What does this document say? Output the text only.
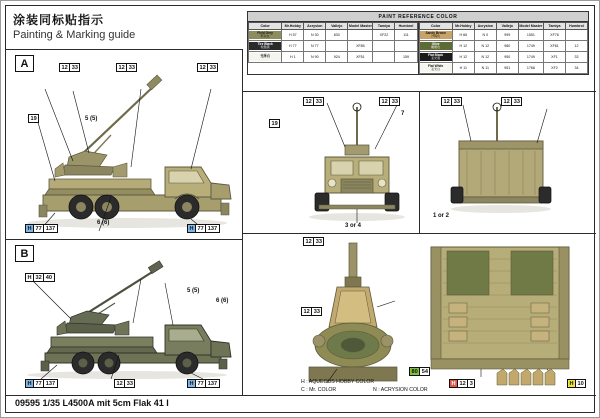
涂装同标贴指示
Painting & Marking guide
PAINT REFERENCE COLOR
Color	Mr.Hobby	Acrysion	Vallejo	Model Master	Tamiya	Humbrol

Field Grey
野战灰	H 57	N 30	830		XF22	111

Tire Black
轮胎黑	H 77	N 77		XF85		

光泽白	H 1	N 90	924	XF51		159
Color	Mr.Hobby	Acrysion	Vallejo	Model Master	Tamiya	Humbrol

Sandy Brown
沙褐色	H 66	N 0	999	1551	XF76	

Olive
橄榄色	H 12	N 12	980	1749	XF61	12

Flat Black
亚光黑	H 12	N 12	950	1749	XF1	33

Flat White
亚光白	H 11	N 11	951	1768	XF2	34
A
B
12 33	12 33	12 33
19	5 (5)
6 (6)
H 77 137	H 77 137
H 32 40
5 (5)
6 (6)
H 77 137	H 77 137
12 33
12 33	12 33
19
7
3 or 4
12 33	12 33
1 or 2
12 33
12 33
80 54
H 12 3	H 10
H : AQUEOUS HOBBY COLOR
C : Mr. COLOR	N : ACRYSION COLOR
09595 1/35 L4500A mit 5cm Flak 41 I
